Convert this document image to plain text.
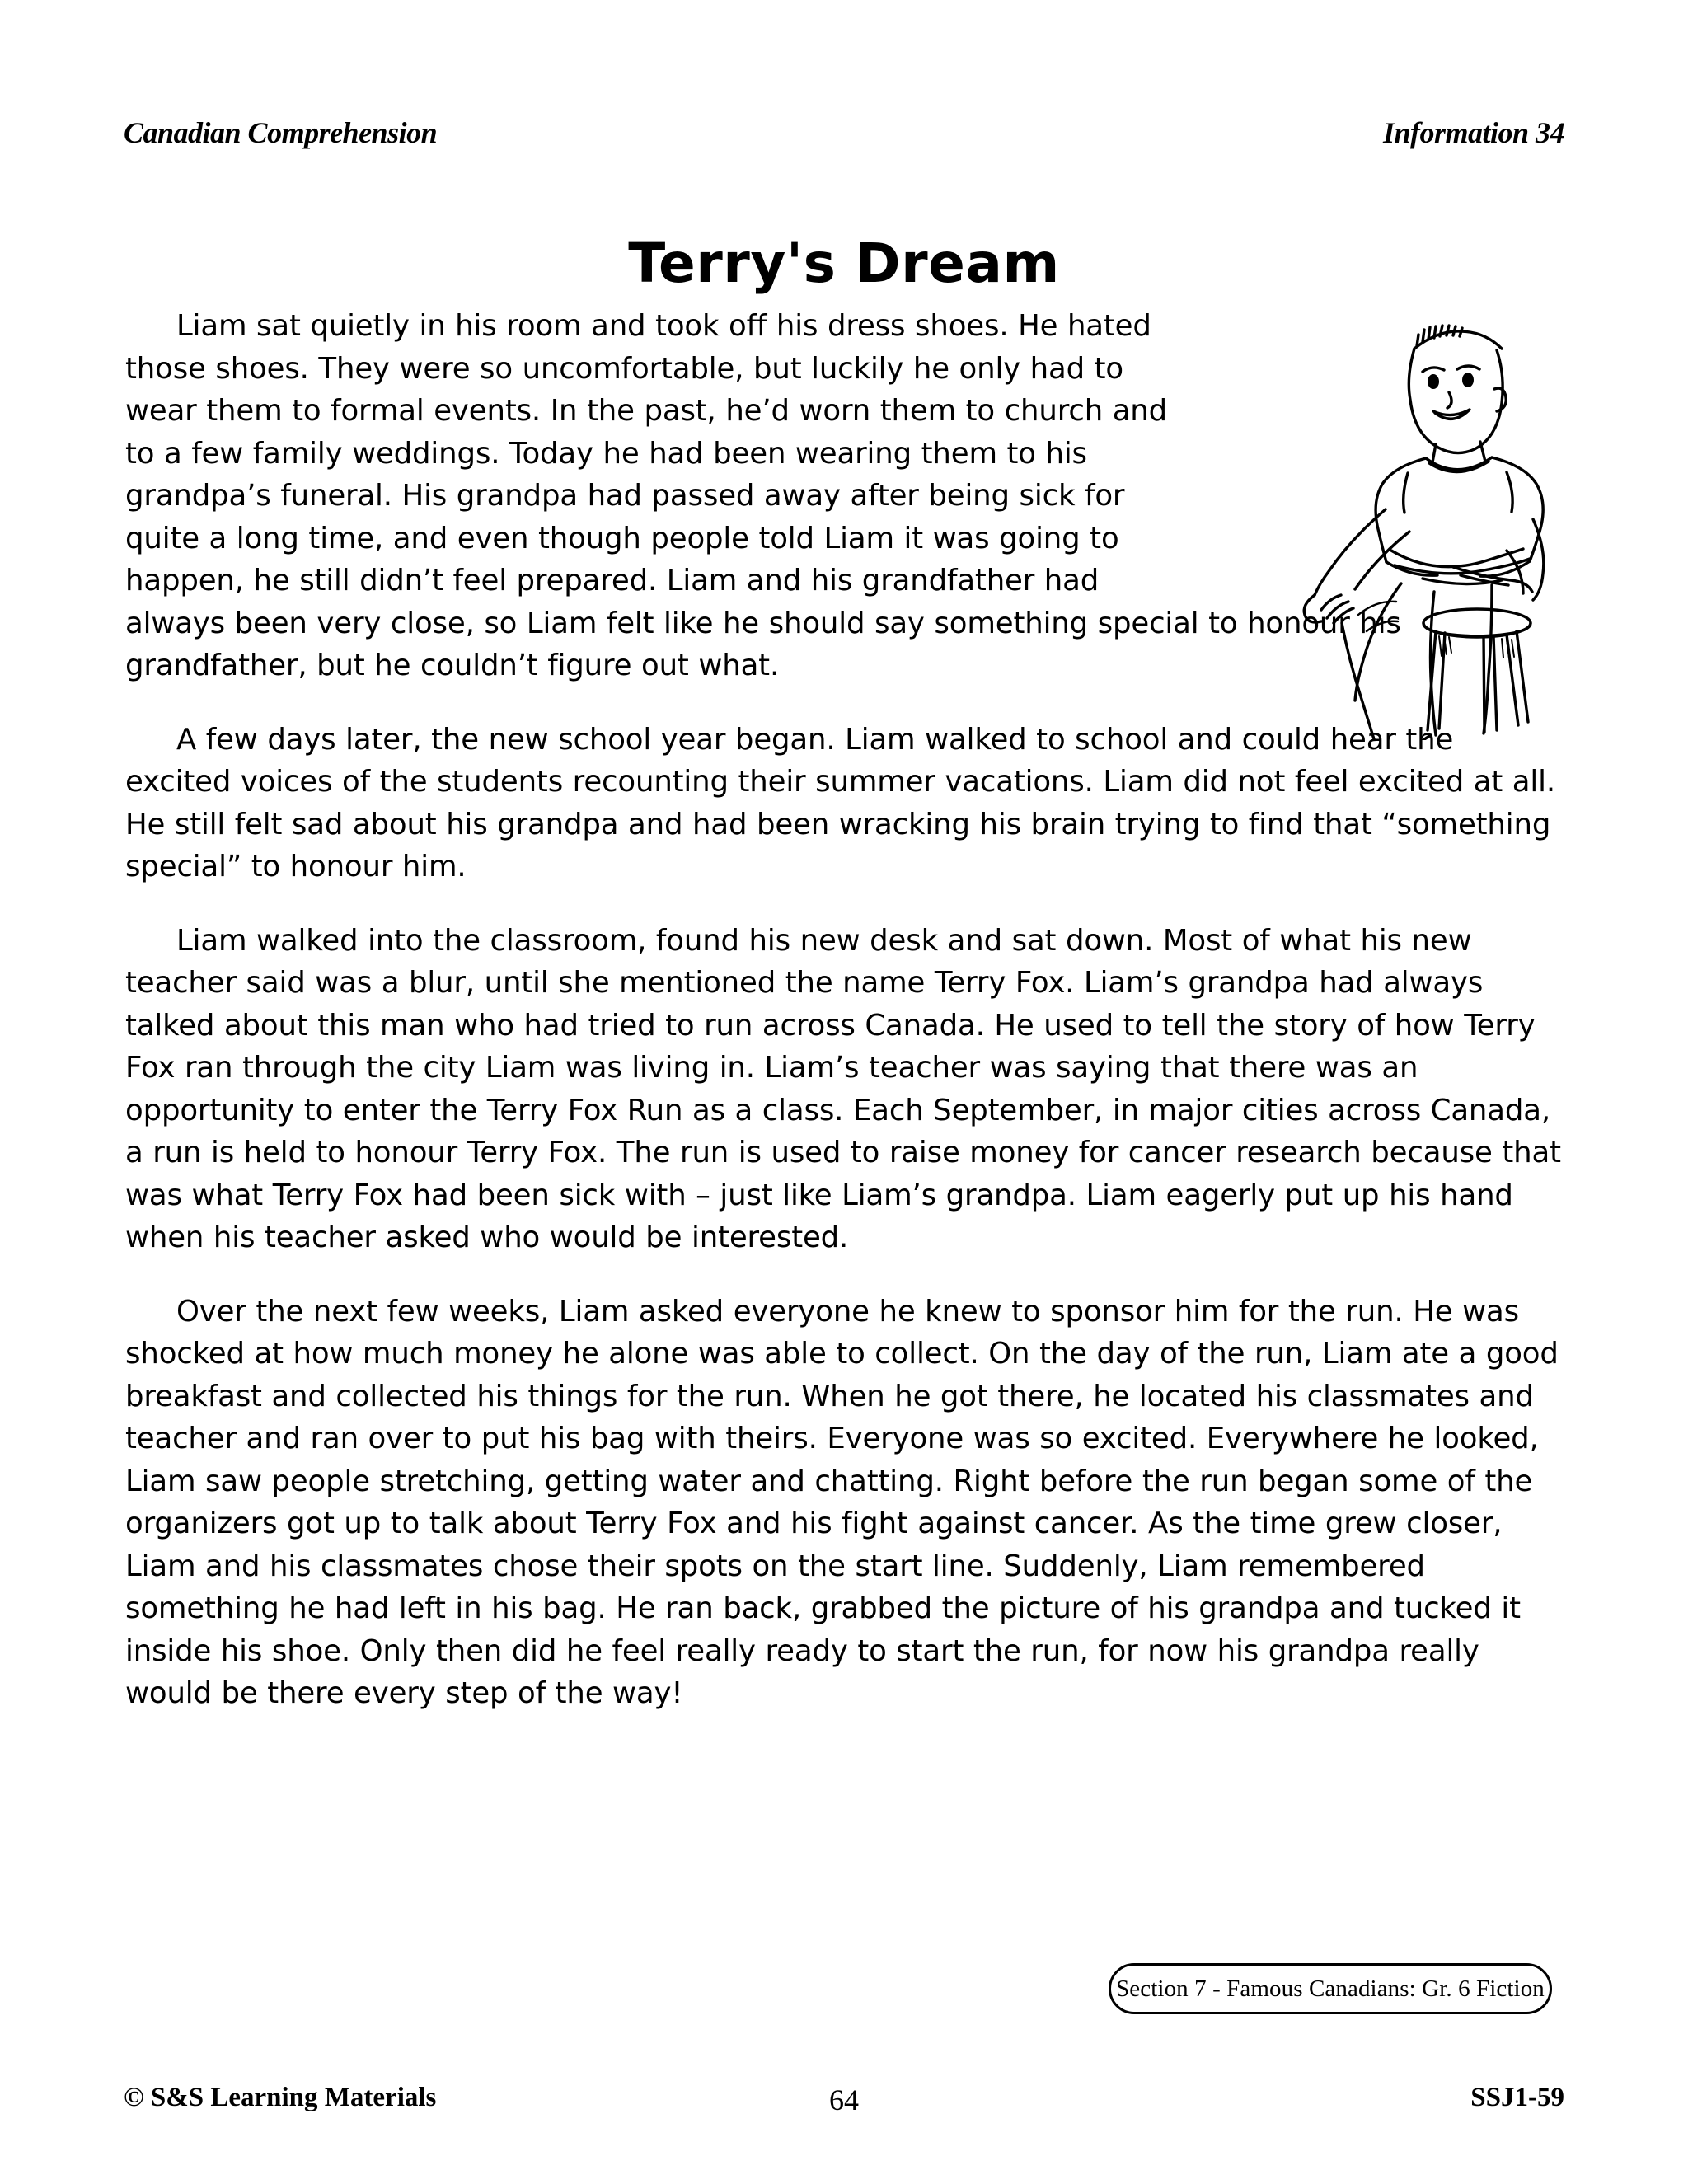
Canadian Comprehension	Information 34
Terry's Dream

Liam sat quietly in his room and took off his dress shoes. He hated those shoes. They were so uncomfortable, but luckily he only had to wear them to formal events. In the past, he’d worn them to church and to a few family weddings. Today he had been wearing them to his grandpa’s funeral. His grandpa had passed away after being sick for quite a long time, and even though people told Liam it was going to happen, he still didn’t feel prepared. Liam and his grandfather had always been very close, so Liam felt like he should say something special to honour his grandfather, but he couldn’t figure out what.

A few days later, the new school year began. Liam walked to school and could hear the excited voices of the students recounting their summer vacations. Liam did not feel excited at all. He still felt sad about his grandpa and had been wracking his brain trying to find that “something special” to honour him.

Liam walked into the classroom, found his new desk and sat down. Most of what his new teacher said was a blur, until she mentioned the name Terry Fox. Liam’s grandpa had always talked about this man who had tried to run across Canada. He used to tell the story of how Terry Fox ran through the city Liam was living in. Liam’s teacher was saying that there was an opportunity to enter the Terry Fox Run as a class. Each September, in major cities across Canada, a run is held to honour Terry Fox. The run is used to raise money for cancer research because that was what Terry Fox had been sick with – just like Liam’s grandpa. Liam eagerly put up his hand when his teacher asked who would be interested.

Over the next few weeks, Liam asked everyone he knew to sponsor him for the run. He was shocked at how much money he alone was able to collect. On the day of the run, Liam ate a good breakfast and collected his things for the run. When he got there, he located his classmates and teacher and ran over to put his bag with theirs. Everyone was so excited. Everywhere he looked, Liam saw people stretching, getting water and chatting. Right before the run began some of the organizers got up to talk about Terry Fox and his fight against cancer. As the time grew closer, Liam and his classmates chose their spots on the start line. Suddenly, Liam remembered something he had left in his bag. He ran back, grabbed the picture of his grandpa and tucked it inside his shoe. Only then did he feel really ready to start the run, for now his grandpa really would be there every step of the way!

Section 7 - Famous Canadians: Gr. 6 Fiction
© S&S Learning Materials	64	SSJ1-59
